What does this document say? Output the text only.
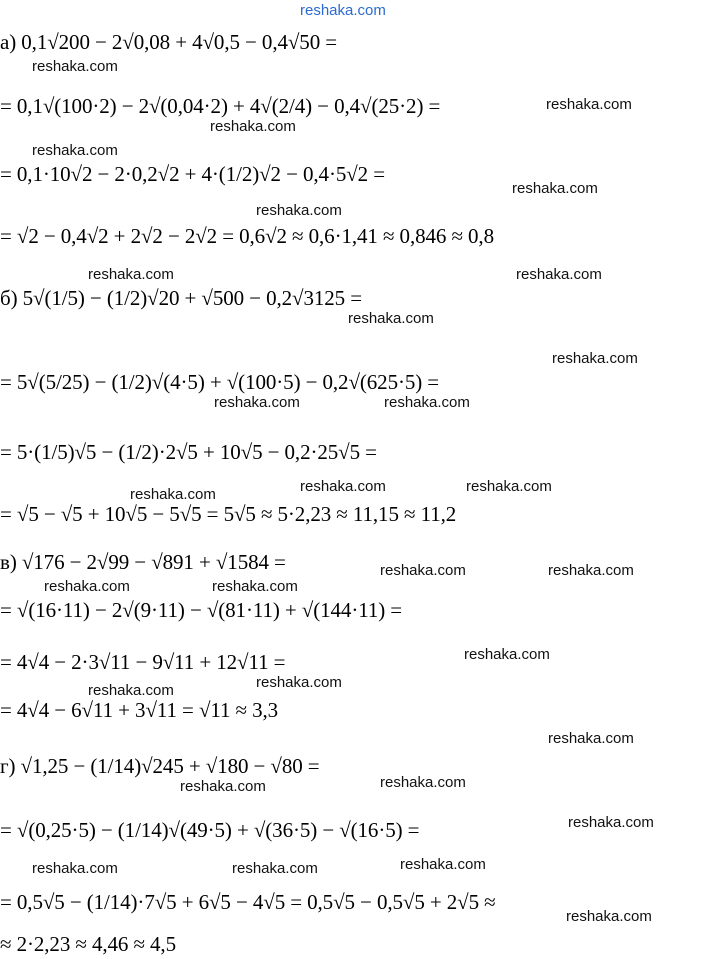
а) 0,1√200 − 2√0,08 + 4√0,5 − 0,4√50 =
= 0,1√(100·2) − 2√(0,04·2) + 4√(2/4) − 0,4√(25·2) =
= 0,1·10√2 − 2·0,2√2 + 4·(1/2)√2 − 0,4·5√2 =
= √2 − 0,4√2 + 2√2 − 2√2 = 0,6√2 ≈ 0,6·1,41 ≈ 0,846 ≈ 0,8
б) 5√(1/5) − (1/2)√20 + √500 − 0,2√3125 =
= 5√(5/25) − (1/2)√(4·5) + √(100·5) − 0,2√(625·5) =
= 5·(1/5)√5 − (1/2)·2√5 + 10√5 − 0,2·25√5 =
= √5 − √5 + 10√5 − 5√5 = 5√5 ≈ 5·2,23 ≈ 11,15 ≈ 11,2
в) √176 − 2√99 − √891 + √1584 =
= √(16·11) − 2√(9·11) − √(81·11) + √(144·11) =
= 4√4 − 2·3√11 − 9√11 + 12√11 =
= 4√4 − 6√11 + 3√11 = √11 ≈ 3,3
г) √1,25 − (1/14)√245 + √180 − √80 =
= √(0,25·5) − (1/14)√(49·5) + √(36·5) − √(16·5) =
= 0,5√5 − (1/14)·7√5 + 6√5 − 4√5 = 0,5√5 − 0,5√5 + 2√5 ≈
≈ 2·2,23 ≈ 4,46 ≈ 4,5
reshaka.com
reshaka.com
reshaka.com
reshaka.com
reshaka.com
reshaka.com
reshaka.com
reshaka.com	reshaka.com
reshaka.com
reshaka.com
reshaka.com	reshaka.com
reshaka.com	reshaka.com	reshaka.com
reshaka.com	reshaka.com
reshaka.com	reshaka.com
reshaka.com
reshaka.com	reshaka.com
reshaka.com
reshaka.com	reshaka.com
reshaka.com
reshaka.com	reshaka.com	reshaka.com
reshaka.com
